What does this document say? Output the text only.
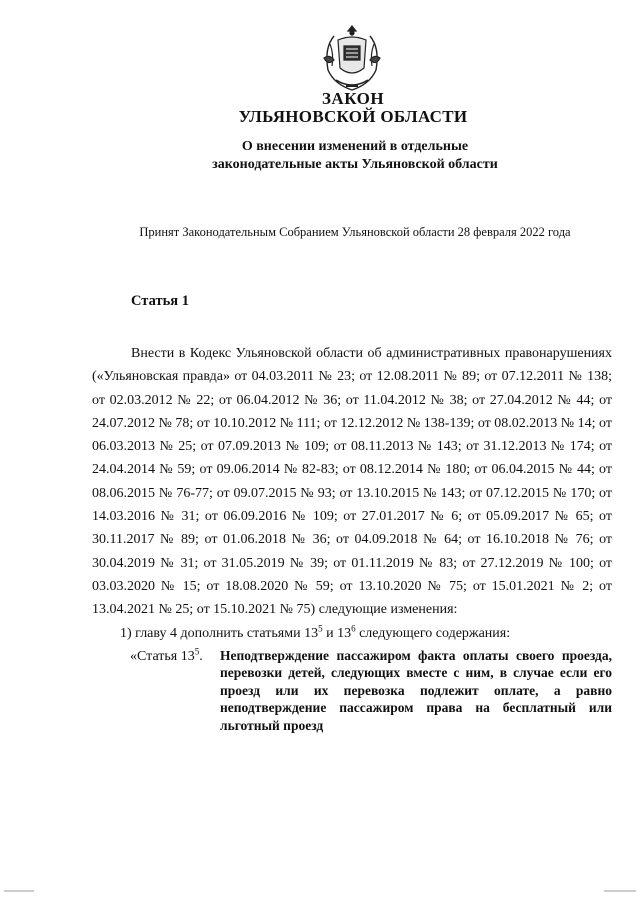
ЗАКОН
УЛЬЯНОВСКОЙ ОБЛАСТИ
О внесении изменений в отдельные
законодательные акты Ульяновской области
Принят Законодательным Собранием Ульяновской области 28 февраля 2022 года
Статья 1

Внести в Кодекс Ульяновской области об административных правонарушениях («Ульяновская правда» от 04.03.2011 № 23; от 12.08.2011 № 89; от 07.12.2011 № 138; от 02.03.2012 № 22; от 06.04.2012 № 36; от 11.04.2012 № 38; от 27.04.2012 № 44; от 24.07.2012 № 78; от 10.10.2012 № 111; от 12.12.2012 № 138-139; от 08.02.2013 № 14; от 06.03.2013 № 25; от 07.09.2013 № 109; от 08.11.2013 № 143; от 31.12.2013 № 174; от 24.04.2014 № 59; от 09.06.2014 № 82-83; от 08.12.2014 № 180; от 06.04.2015 № 44; от 08.06.2015 № 76-77; от 09.07.2015 № 93; от 13.10.2015 № 143; от 07.12.2015 № 170; от 14.03.2016 № 31; от 06.09.2016 № 109; от 27.01.2017 № 6; от 05.09.2017 № 65; от 30.11.2017 № 89; от 01.06.2018 № 36; от 04.09.2018 № 64; от 16.10.2018 № 76; от 30.04.2019 № 31; от 31.05.2019 № 39; от 01.11.2019 № 83; от 27.12.2019 № 100; от 03.03.2020 № 15; от 18.08.2020 № 59; от 13.10.2020 № 75; от 15.01.2021 № 2; от 13.04.2021 № 25; от 15.10.2021 № 75) следующие изменения:

1) главу 4 дополнить статьями $13^5$ и $13^6$ следующего содержания:

«Статья $13^5$. Неподтверждение пассажиром факта оплаты своего проезда, перевозки детей, следующих вместе с ним, в случае если его проезд или их перевозка подлежит оплате, а равно неподтверждение пассажиром права на бесплатный или льготный проезд
